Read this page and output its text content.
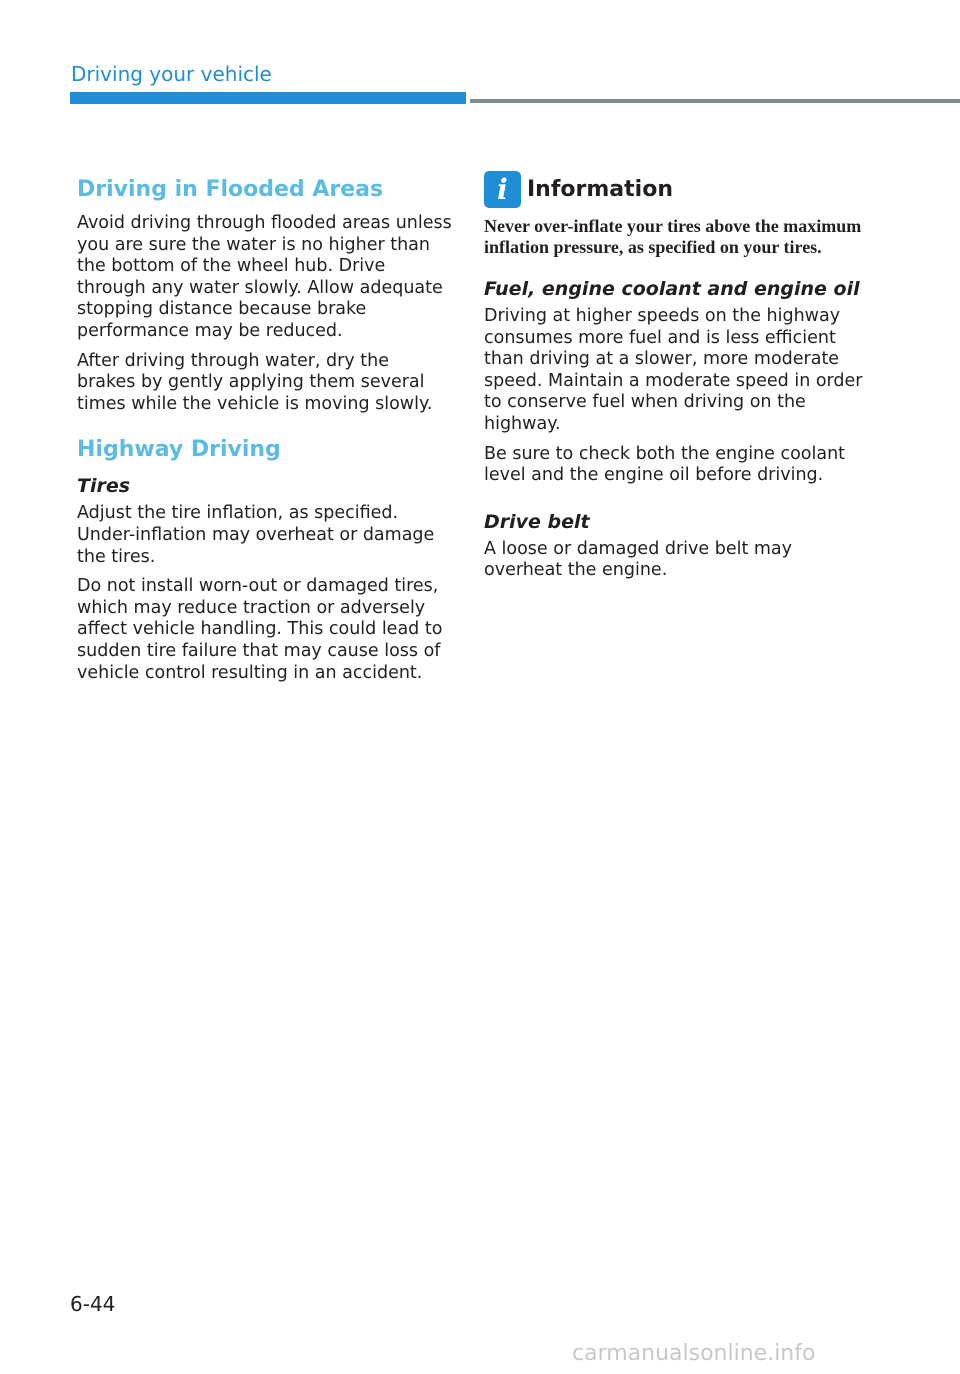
Driving your vehicle
Driving in Flooded Areas

Avoid driving through flooded areas unless you are sure the water is no higher than the bottom of the wheel hub. Drive through any water slowly. Allow adequate stopping distance because brake performance may be reduced.

After driving through water, dry the brakes by gently applying them several times while the vehicle is moving slowly.

Highway Driving
Tires

Adjust the tire inflation, as specified. Under-inflation may overheat or damage the tires.

Do not install worn-out or damaged tires, which may reduce traction or adversely affect vehicle handling. This could lead to sudden tire failure that may cause loss of vehicle control resulting in an accident.

i Information
Never over-inflate your tires above the maximum inflation pressure, as specified on your tires.
Fuel, engine coolant and engine oil

Driving at higher speeds on the highway consumes more fuel and is less efficient than driving at a slower, more moderate speed. Maintain a moderate speed in order to conserve fuel when driving on the highway.

Be sure to check both the engine coolant level and the engine oil before driving.

Drive belt

A loose or damaged drive belt may overheat the engine.

6-44
carmanualsonline.info
